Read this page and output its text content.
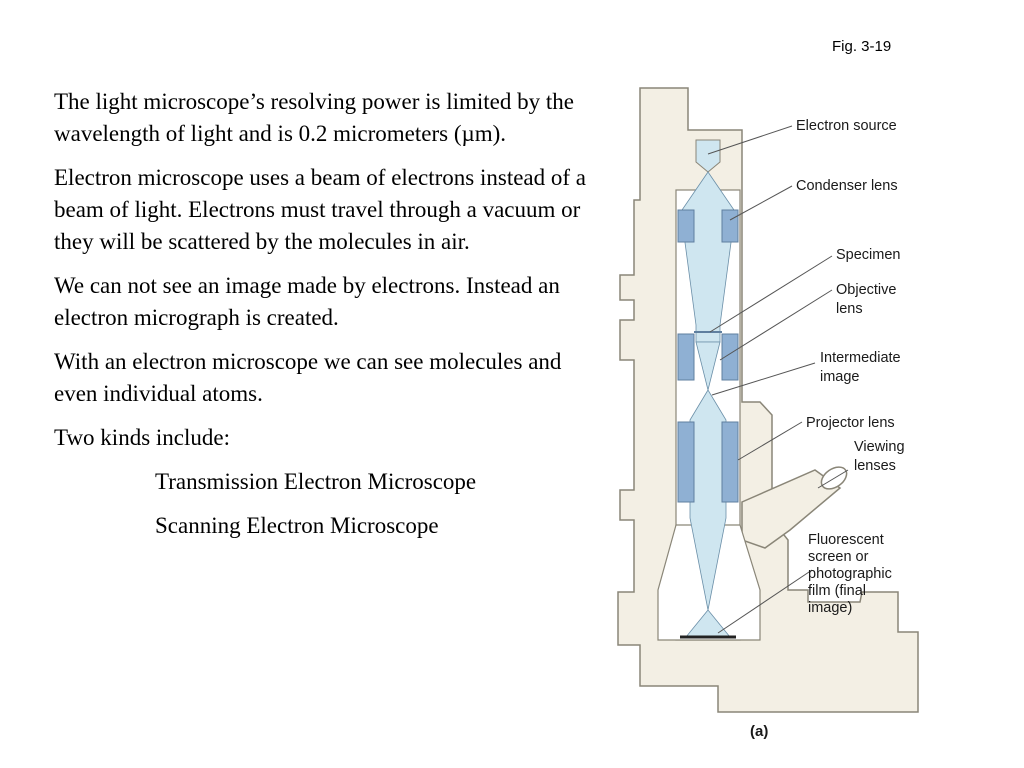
Fig. 3-19

The light microscope’s resolving power is limited by the wavelength of light and is 0.2 micrometers (µm).

Electron microscope uses a beam of electrons instead of a beam of light. Electrons must travel through a vacuum or they will be scattered by the molecules in air.

We can not see an image made by electrons. Instead an electron micrograph is created.

With an electron microscope we can see molecules and even individual atoms.

Two kinds include:

Transmission Electron Microscope

Scanning Electron Microscope

Electron source
Condenser lens
Specimen
Objective
lens
Intermediate
image
Projector lens
Viewing
lenses
Fluorescent
screen or
photographic
film (final
image)
(a)
